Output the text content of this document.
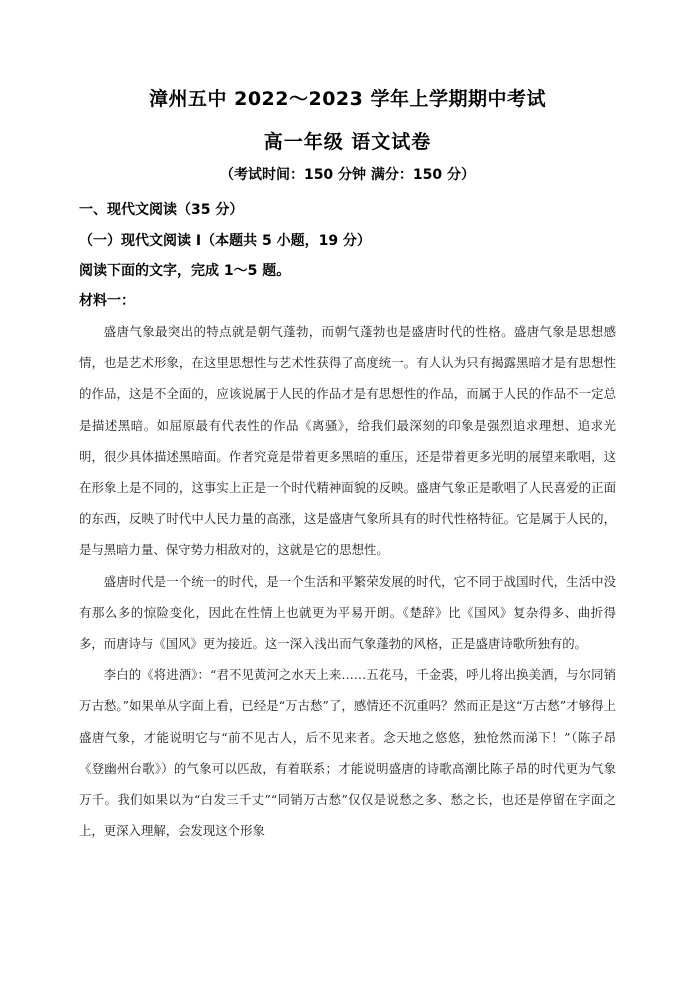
漳州五中 2022～2023 学年上学期期中考试
高一年级 语文试卷
（考试时间：150 分钟 满分：150 分）
一、现代文阅读（35 分）
（一）现代文阅读 I（本题共 5 小题，19 分）
阅读下面的文字，完成 1～5 题。
材料一：

盛唐气象最突出的特点就是朝气蓬勃，而朝气蓬勃也是盛唐时代的性格。盛唐气象是思想感情，也是艺术形象，在这里思想性与艺术性获得了高度统一。有人认为只有揭露黑暗才是有思想性的作品，这是不全面的，应该说属于人民的作品才是有思想性的作品，而属于人民的作品不一定总是描述黑暗。如屈原最有代表性的作品《离骚》，给我们最深刻的印象是强烈追求理想、追求光明，很少具体描述黑暗面。作者究竟是带着更多黑暗的重压，还是带着更多光明的展望来歌唱，这在形象上是不同的，这事实上正是一个时代精神面貌的反映。盛唐气象正是歌唱了人民喜爱的正面的东西，反映了时代中人民力量的高涨，这是盛唐气象所具有的时代性格特征。它是属于人民的，是与黑暗力量、保守势力相敌对的，这就是它的思想性。

盛唐时代是一个统一的时代，是一个生活和平繁荣发展的时代，它不同于战国时代，生活中没有那么多的惊险变化，因此在性情上也就更为平易开朗。《楚辞》比《国风》复杂得多、曲折得多，而唐诗与《国风》更为接近。这一深入浅出而气象蓬勃的风格，正是盛唐诗歌所独有的。

李白的《将进酒》：“君不见黄河之水天上来……五花马，千金裘，呼儿将出换美酒，与尔同销万古愁。”如果单从字面上看，已经是“万古愁”了，感情还不沉重吗？然而正是这“万古愁”才够得上盛唐气象，才能说明它与“前不见古人，后不见来者。念天地之悠悠，独怆然而涕下！”（陈子昂《登幽州台歌》）的气象可以匹敌，有着联系；才能说明盛唐的诗歌高潮比陈子昂的时代更为气象万千。我们如果以为“白发三千丈”“同销万古愁”仅仅是说愁之多、愁之长，也还是停留在字面之上，更深入理解，会发现这个形象
